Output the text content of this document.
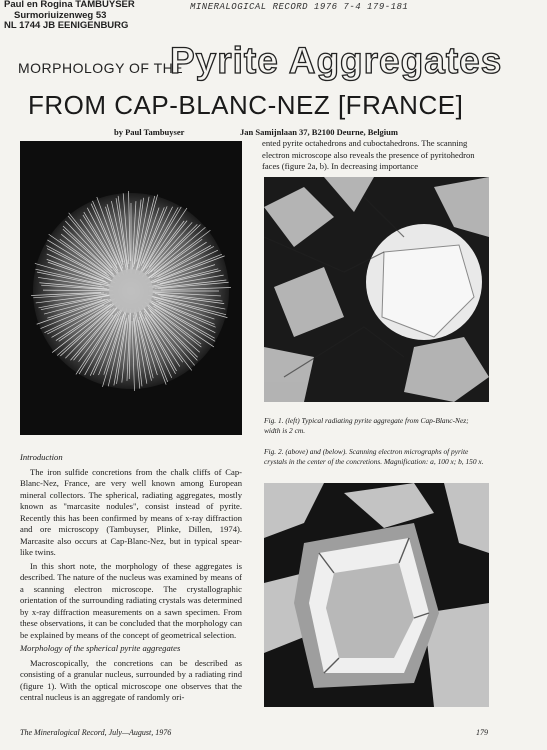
Paul en Rogina TAMBUYSER
Surmoriuizenweg 53
NL 1744 JB EENIGENBURG
MINERALOGICAL RECORD 1976 7-4 179-181
MORPHOLOGY OF THE
Pyrite Aggregates
FROM CAP-BLANC-NEZ [FRANCE]
by Paul Tambuyser	Jan Samijnlaan 37, B2100 Deurne, Belgium
ented pyrite octahedrons and cuboctahedrons. The scanning electron microscope also reveals the presence of pyritohedron faces (figure 2a, b). In decreasing importance
Fig. 1. (left) Typical radiating pyrite aggregate from Cap-Blanc-Nez; width is 2 cm.
Fig. 2. (above) and (below). Scanning electron micrographs of pyrite crystals in the center of the concretions. Magnification: a, 100 x; b, 150 x.
Introduction

The iron sulfide concretions from the chalk cliffs of Cap-Blanc-Nez, France, are very well known among European mineral collectors. The spherical, radiating aggregates, mostly known as "marcasite nodules", consist instead of pyrite. Recently this has been confirmed by means of x-ray diffraction and ore microscopy (Tambuyser, Plinke, Dillen, 1974). Marcasite also occurs at Cap-Blanc-Nez, but in typical spear-like twins.

In this short note, the morphology of these aggregates is described. The nature of the nucleus was examined by means of a scanning electron microscope. The crystallographic orientation of the surrounding radiating crystals was determined by x-ray diffraction measurements on a sawn specimen. From these observations, it can be concluded that the morphology can be explained by means of the concept of geometrical selection.

Morphology of the spherical pyrite aggregates

Macroscopically, the concretions can be described as consisting of a granular nucleus, surrounded by a radiating rind (figure 1). With the optical microscope one observes that the central nucleus is an aggregate of randomly ori-

The Mineralogical Record, July—August, 1976	179
